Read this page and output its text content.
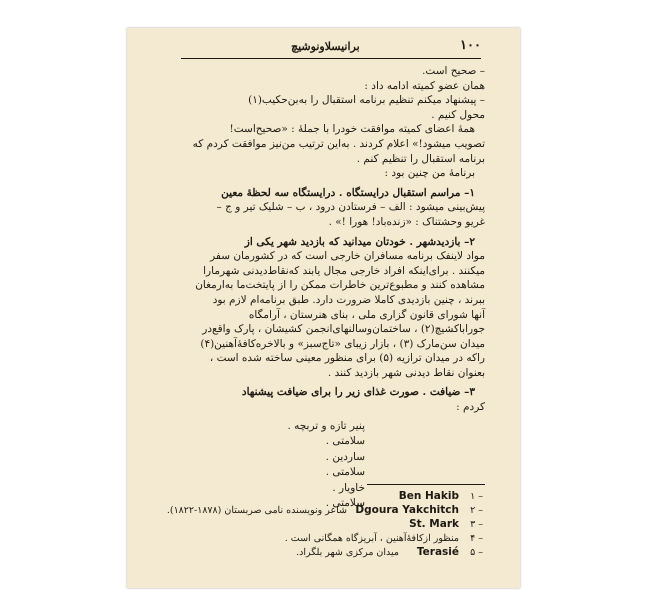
۱۰۰
برانیسلاونوشیچ

– صحیح است.

همان عضو کمیته ادامه داد :

– پیشنهاد میکنم تنظیم برنامه استقبال را به‌بن‌حکیب(۱)

محول کنیم .

همهٔ اعضای کمیته موافقت خودرا با جملهٔ : «صحیح‌است!

تصویب میشود!» اعلام کردند . به‌این ترتیب من‌نیز موافقت کردم که

برنامه استقبال را تنظیم کنم .

برنامهٔ من چنین بود :

۱– مراسم استقبال درایستگاه . درایستگاه سه لحظهٔ معین

پیش‌بینی میشود : الف – فرستادن درود ، ب – شلیک تیر و ج –

غریو وحشتناک : «زنده‌باد! هورا !» .

۲– بازدیدشهر . خودتان میدانید که بازدید شهر یکی از

مواد لاینفک برنامه مسافران خارجی است که در کشورمان سفر

میکنند . برای‌اینکه افراد خارجی مجال یابند که‌نقاط‌دیدنی شهرمارا

مشاهده کنند و مطبوع‌ترین خاطرات ممکن را از پایتخت‌ما به‌ارمغان

ببرند ، چنین بازدیدی کاملا ضرورت دارد. طبق برنامه‌ام لازم بود

آنها شورای قانون گزاری ملی ، بنای هنرستان ، آرامگاه

جوراباکشیچ(۲) ، ساختمان‌وسالنهای‌انجمن کشیشان ، پارک واقع‌در

میدان سن‌مارک (۳) ، بازار زیبای «تاج‌سبز» و بالاخره‌کافهٔ‌آهنین(۴)

راکه در میدان ترازیه (۵) برای منظور معینی ساخته شده است ،

بعنوان نقاط دیدنی شهر بازدید کنند .

۳– ضیافت . صورت غذای زیر را برای ضیافت پیشنهاد

کردم :

پنیر تازه و تربچه .
سلامتی .
ساردین .
سلامتی .
خاویار .
سلامتی .
۱ –
Ben Hakib
۲ –
Dgoura Yakchitch
شاعر ونویسنده نامی صربستان (۱۸۷۸-۱۸۲۲).
۳ –
St. Mark
۴ –
منظور ازکافهٔ‌آهنین ، آبریزگاه همگانی است .
۵ –
Terasié
میدان مرکزی شهر بلگراد.
